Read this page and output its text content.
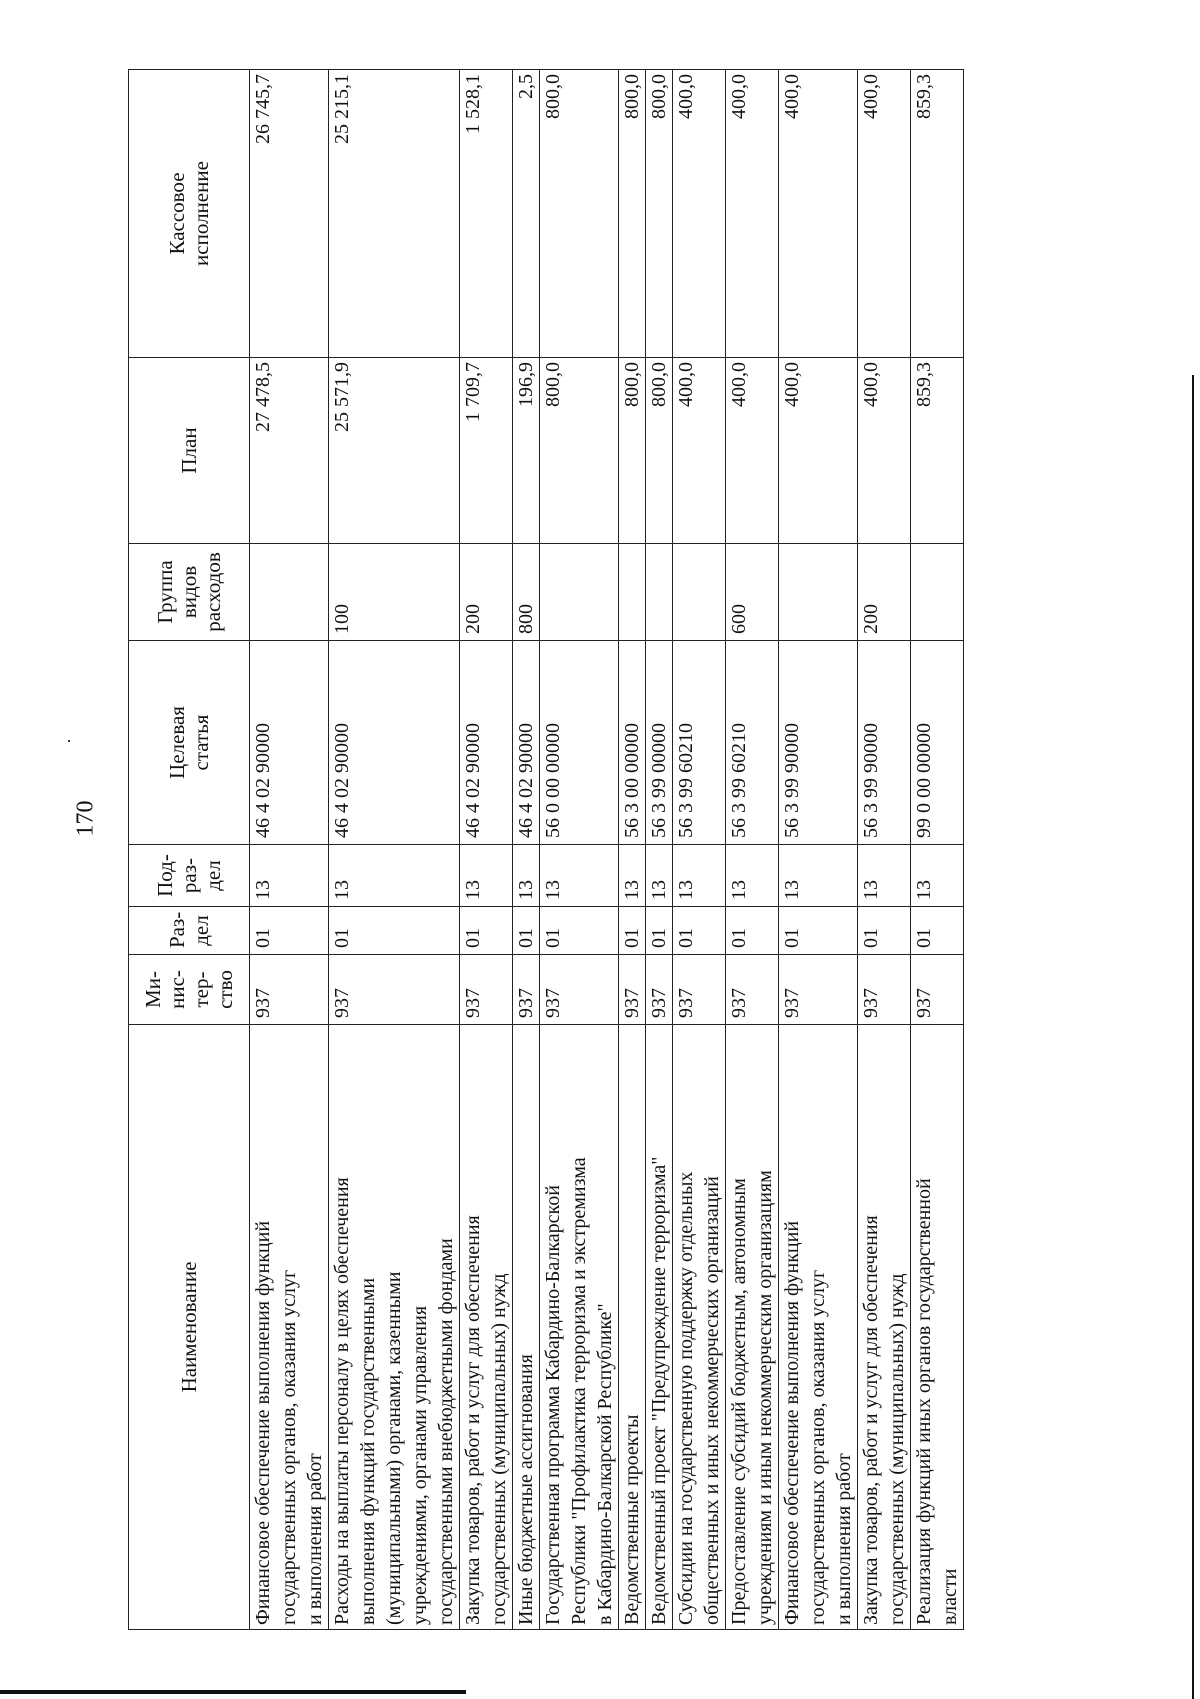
170
Наименование	Ми-
нис-
тер-
ство	Раз-
дел	Под-
раз-
дел	Целевая
статья	Группа
видов
расходов	План	Кассовое
исполнение
Финансовое обеспечение выполнения функций
государственных органов, оказания услуг
и выполнения работ	937	01	13	46 4 02 90000		27 478,5	26 745,7
Расходы на выплаты персоналу в целях обеспечения
выполнения функций государственными
(муниципальными) органами, казенными
учреждениями, органами управления
государственными внебюджетными фондами	937	01	13	46 4 02 90000	100	25 571,9	25 215,1
Закупка товаров, работ и услуг для обеспечения
государственных (муниципальных) нужд	937	01	13	46 4 02 90000	200	1 709,7	1 528,1
Иные бюджетные ассигнования	937	01	13	46 4 02 90000	800	196,9	2,5
Государственная программа Кабардино-Балкарской
Республики "Профилактика терроризма и экстремизма
в Кабардино-Балкарской Республике"	937	01	13	56 0 00 00000		800,0	800,0
Ведомственные проекты	937	01	13	56 3 00 00000		800,0	800,0
Ведомственный проект "Предупреждение терроризма"	937	01	13	56 3 99 00000		800,0	800,0
Субсидии на государственную поддержку отдельных
общественных и иных некоммерческих организаций	937	01	13	56 3 99 60210		400,0	400,0
Предоставление субсидий бюджетным, автономным
учреждениям и иным некоммерческим организациям	937	01	13	56 3 99 60210	600	400,0	400,0
Финансовое обеспечение выполнения функций
государственных органов, оказания услуг
и выполнения работ	937	01	13	56 3 99 90000		400,0	400,0
Закупка товаров, работ и услуг для обеспечения
государственных (муниципальных) нужд	937	01	13	56 3 99 90000	200	400,0	400,0
Реализация функций иных органов государственной
власти	937	01	13	99 0 00 00000		859,3	859,3
